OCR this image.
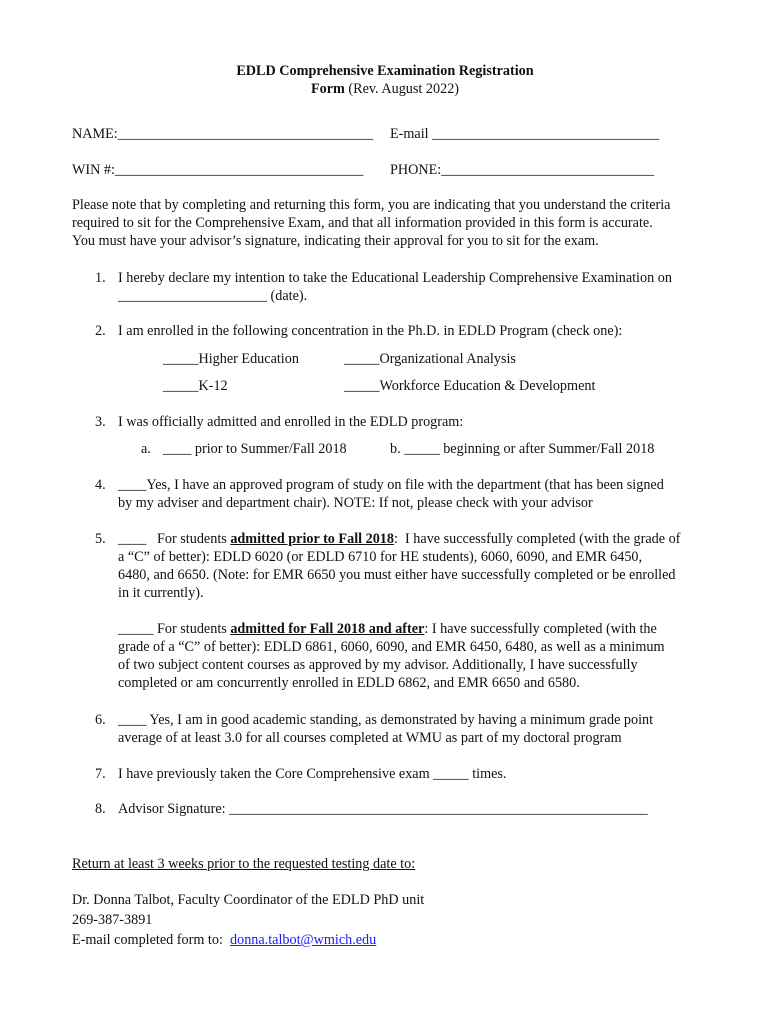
EDLD Comprehensive Examination Registration
Form (Rev. August 2022)
NAME:____________________________________ E-mail ________________________________
WIN #:___________________________________ PHONE:______________________________
Please note that by completing and returning this form, you are indicating that you understand the criteria
required to sit for the Comprehensive Exam, and that all information provided in this form is accurate.
You must have your advisor’s signature, indicating their approval for you to sit for the exam.
1. I hereby declare my intention to take the Educational Leadership Comprehensive Examination on
_____________________ (date).
2. I am enrolled in the following concentration in the Ph.D. in EDLD Program (check one):
_____Higher Education	_____Organizational Analysis
_____K-12	_____Workforce Education & Development
3. I was officially admitted and enrolled in the EDLD program:
a. ____ prior to Summer/Fall 2018	b. _____ beginning or after Summer/Fall 2018
4. ____Yes, I have an approved program of study on file with the department (that has been signed
by my adviser and department chair). NOTE: If not, please check with your advisor
5. ____   For students admitted prior to Fall 2018:  I have successfully completed (with the grade of
a “C” of better): EDLD 6020 (or EDLD 6710 for HE students), 6060, 6090, and EMR 6450,
6480, and 6650. (Note: for EMR 6650 you must either have successfully completed or be enrolled
in it currently).
_____ For students admitted for Fall 2018 and after: I have successfully completed (with the
grade of a “C” of better): EDLD 6861, 6060, 6090, and EMR 6450, 6480, as well as a minimum
of two subject content courses as approved by my advisor. Additionally, I have successfully
completed or am concurrently enrolled in EDLD 6862, and EMR 6650 and 6580.
6. ____ Yes, I am in good academic standing, as demonstrated by having a minimum grade point
average of at least 3.0 for all courses completed at WMU as part of my doctoral program
7. I have previously taken the Core Comprehensive exam _____ times.
8. Advisor Signature: ___________________________________________________________
Return at least 3 weeks prior to the requested testing date to:
Dr. Donna Talbot, Faculty Coordinator of the EDLD PhD unit
269-387-3891
E-mail completed form to:  donna.talbot@wmich.edu
